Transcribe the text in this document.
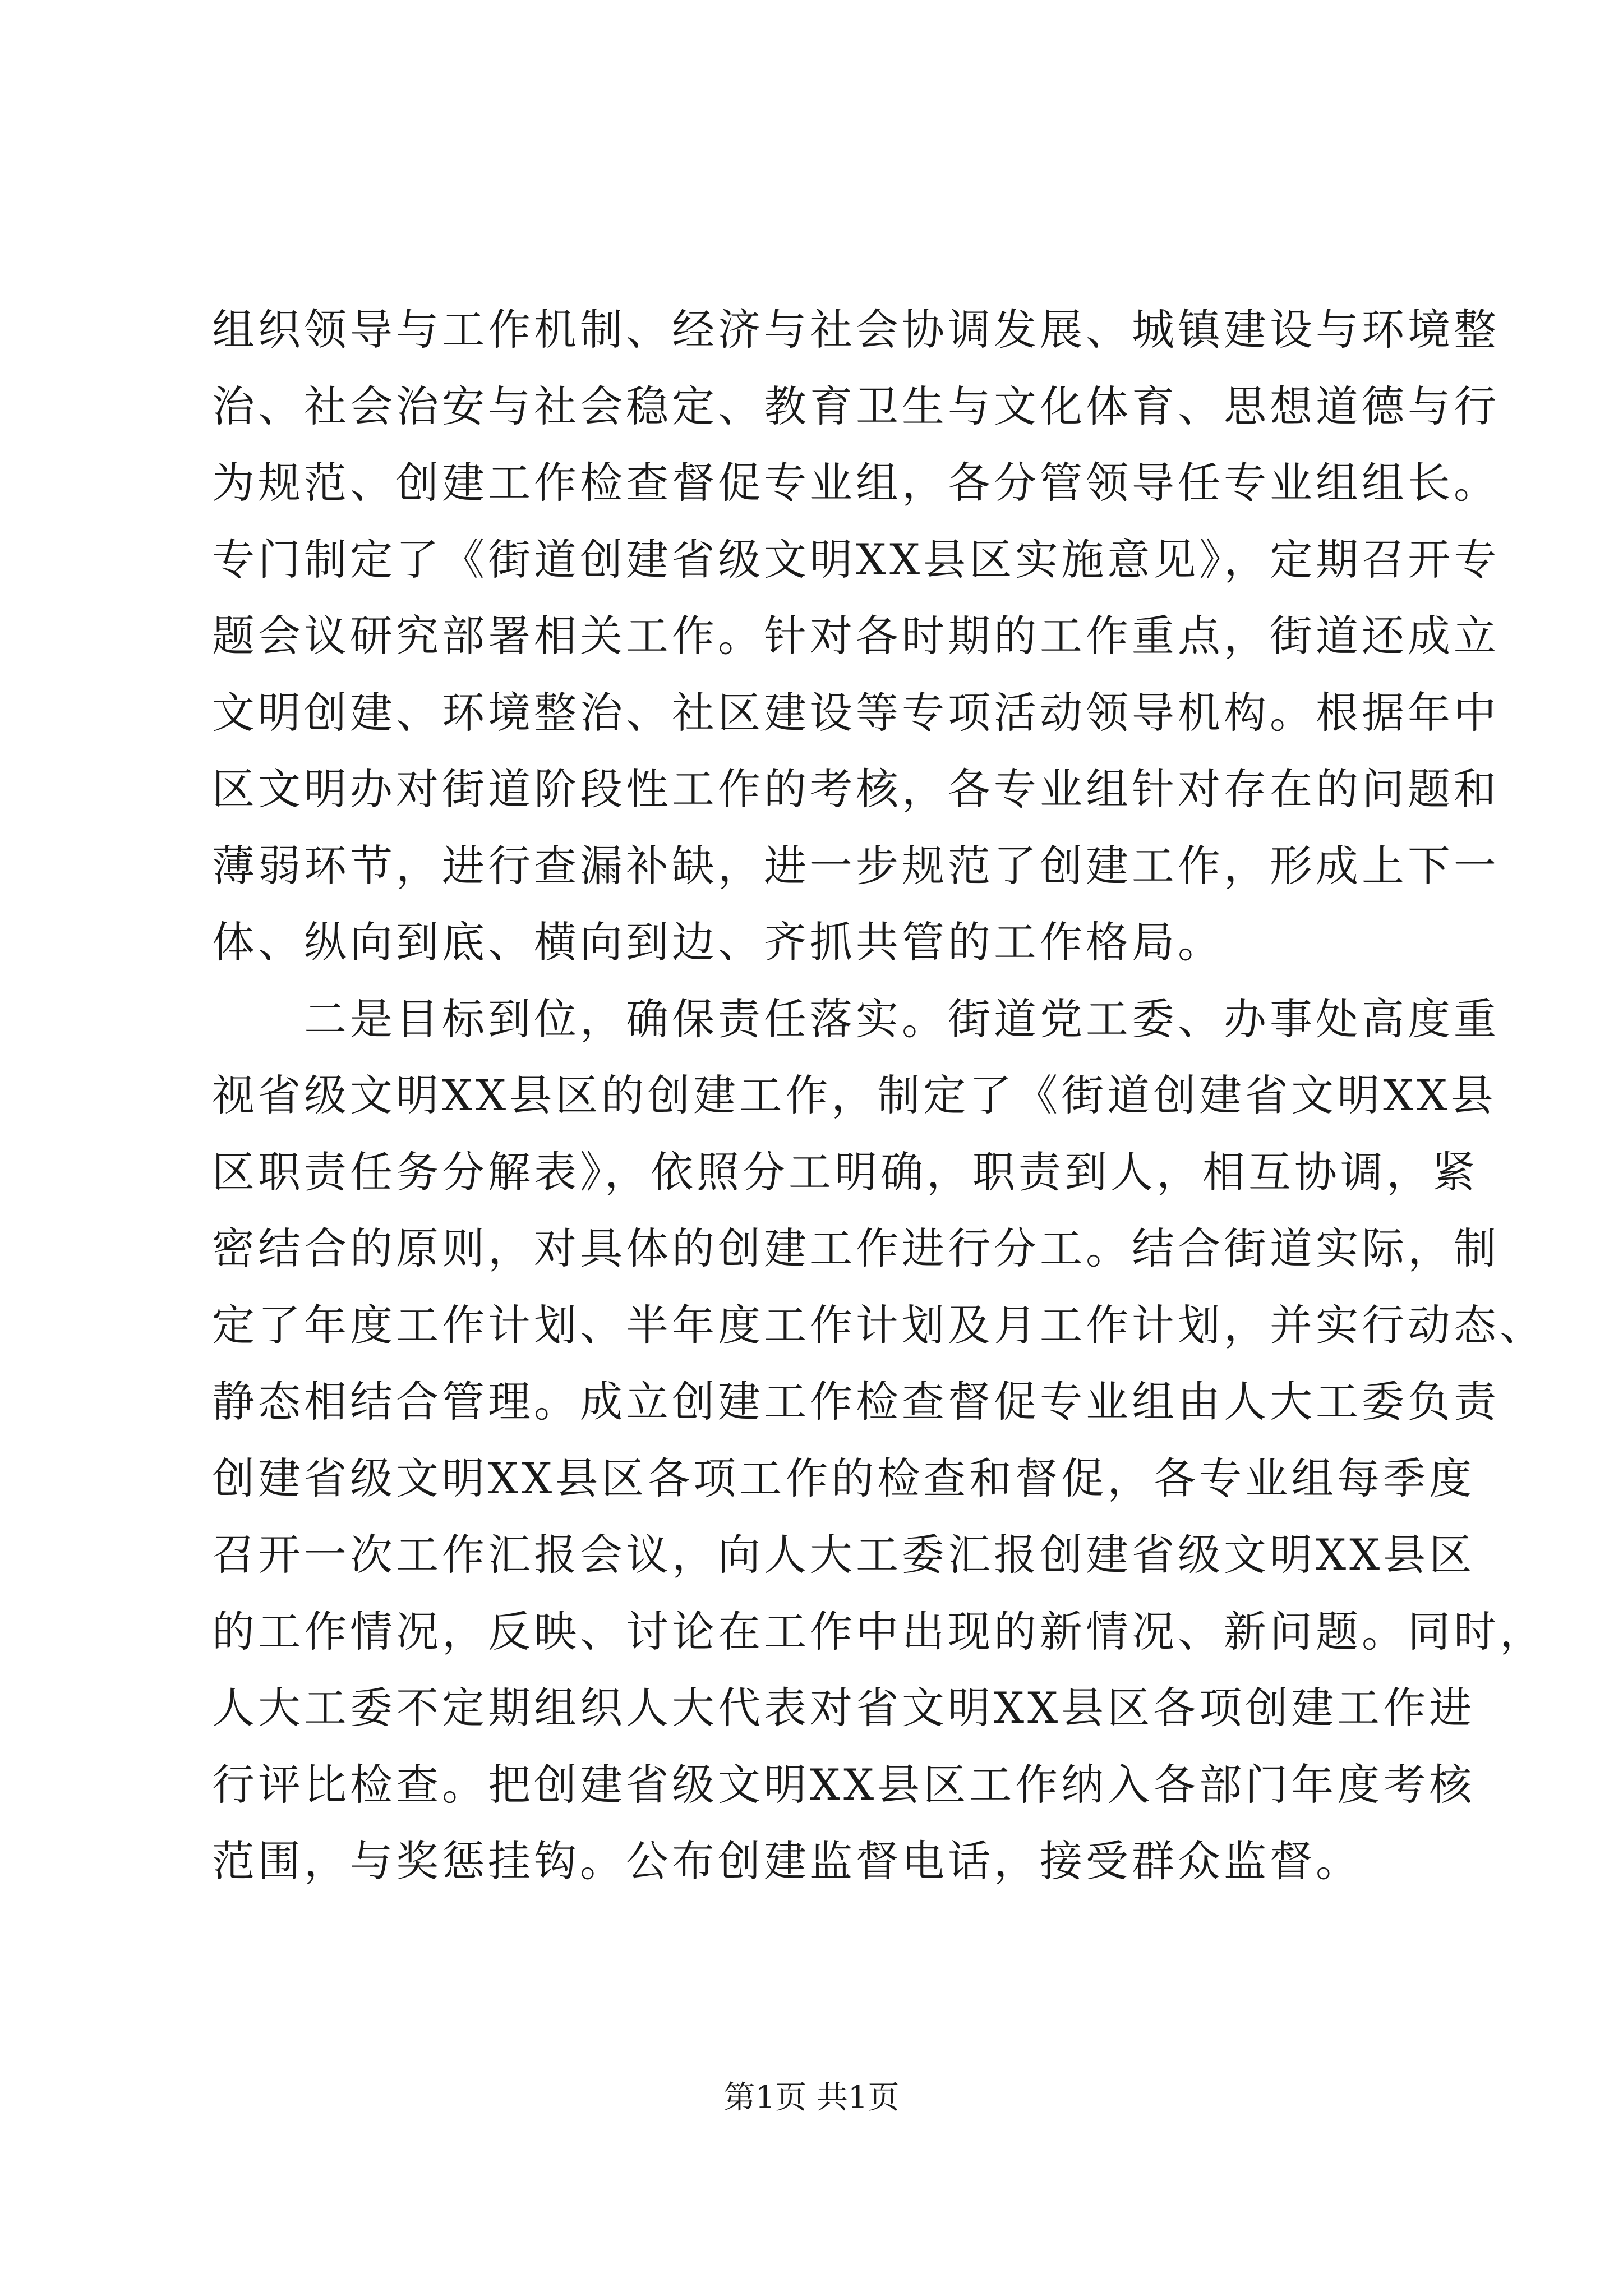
组织领导与工作机制、经济与社会协调发展、城镇建设与环境整
治、社会治安与社会稳定、教育卫生与文化体育、思想道德与行
为规范、创建工作检查督促专业组，各分管领导任专业组组长。
专门制定了《街道创建省级文明XX县区实施意见》，定期召开专
题会议研究部署相关工作。针对各时期的工作重点，街道还成立
文明创建、环境整治、社区建设等专项活动领导机构。根据年中
区文明办对街道阶段性工作的考核，各专业组针对存在的问题和
薄弱环节，进行查漏补缺，进一步规范了创建工作，形成上下一
体、纵向到底、横向到边、齐抓共管的工作格局。
　　二是目标到位，确保责任落实。街道党工委、办事处高度重
视省级文明XX县区的创建工作，制定了《街道创建省文明XX县
区职责任务分解表》，依照分工明确，职责到人，相互协调，紧
密结合的原则，对具体的创建工作进行分工。结合街道实际，制
定了年度工作计划、半年度工作计划及月工作计划，并实行动态、
静态相结合管理。成立创建工作检查督促专业组由人大工委负责
创建省级文明XX县区各项工作的检查和督促，各专业组每季度
召开一次工作汇报会议，向人大工委汇报创建省级文明XX县区
的工作情况，反映、讨论在工作中出现的新情况、新问题。同时，
人大工委不定期组织人大代表对省文明XX县区各项创建工作进
行评比检查。把创建省级文明XX县区工作纳入各部门年度考核
范围，与奖惩挂钩。公布创建监督电话，接受群众监督。
第1页 共1页
